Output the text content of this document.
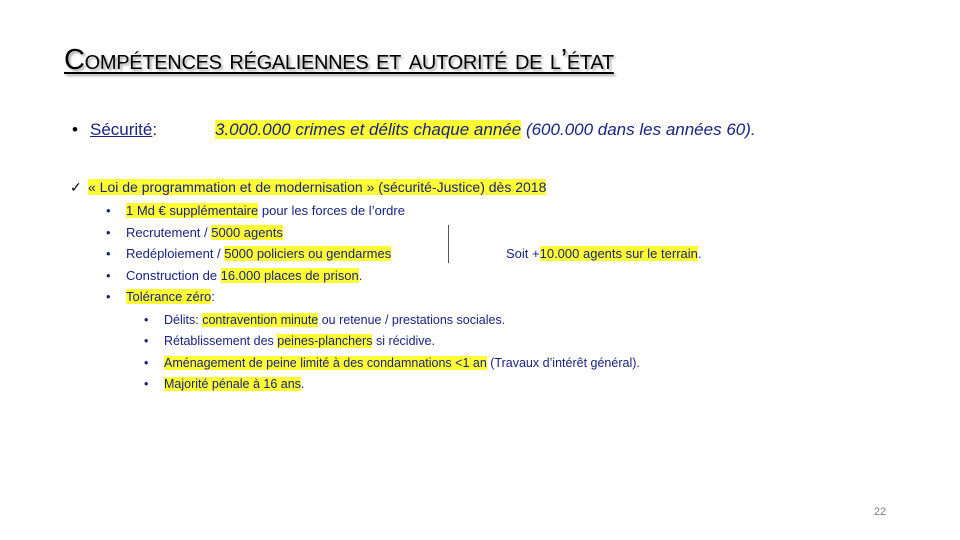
Compétences régaliennes et autorité de l’état
• Sécurité:	3.000.000 crimes et délits chaque année (600.000 dans les années 60).
✓ « Loi de programmation et de modernisation » (sécurité-Justice) dès 2018
• 1 Md € supplémentaire pour les forces de l’ordre
• Recrutement / 5000 agents
• Redéploiement / 5000 policiers ou gendarmes
• Construction de 16.000 places de prison.
• Tolérance zéro:
Soit +10.000 agents sur le terrain.
• Délits: contravention minute ou retenue / prestations sociales.
• Rétablissement des peines-planchers si récidive.
• Aménagement de peine limité à des condamnations <1 an (Travaux d’intérêt général).
• Majorité pénale à 16 ans.
22
